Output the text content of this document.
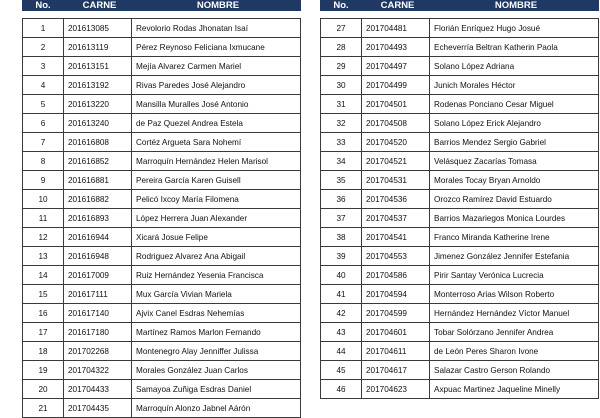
No.	CARNE	NOMBRE

1	201613085	Revolorio Rodas Jhonatan Isaí
2	201613119	Pérez Reynoso Feliciana Ixmucane
3	201613151	Mejía Alvarez Carmen Mariel
4	201613192	Rivas Paredes José Alejandro
5	201613220	Mansilla Muralles José Antonio
6	201613240	de Paz Quezel Andrea Estela
7	201616808	Cortéz Argueta Sara Nohemí
8	201616852	Marroquín Hernández Helen Marisol
9	201616881	Pereira García Karen Guisell
10	201616882	Pelicó Ixcoy María Filomena
11	201616893	López Herrera Juan Alexander
12	201616944	Xicará Josue Felipe
13	201616948	Rodriguez Alvarez Ana Abigail
14	201617009	Ruiz Hernández Yesenia Francisca
15	201617111	Mux García Vivian Mariela
16	201617140	Ajvix Canel Esdras Nehemías
17	201617180	Martínez Ramos Marlon Fernando
18	201702268	Montenegro Alay Jenniffer Julissa
19	201704322	Morales González Juan Carlos
20	201704433	Samayoa Zuñiga Esdras Daniel
21	201704435	Marroquín Alonzo Jabnel Aárón
No.	CARNE	NOMBRE

27	201704481	Florián Enríquez Hugo Josué
28	201704493	Echeverría Beltran Katherin Paola
29	201704497	Solano López Adriana
30	201704499	Junich Morales Héctor
31	201704501	Rodenas Ponciano Cesar Miguel
32	201704508	Solano López Erick Alejandro
33	201704520	Barrios Mendez Sergio Gabriel
34	201704521	Velásquez Zacarías Tomasa
35	201704531	Morales Tocay Bryan Arnoldo
36	201704536	Orozco Ramírez David Estuardo
37	201704537	Barrios Mazariegos Monica Lourdes
38	201704541	Franco Miranda Katherine Irene
39	201704553	Jimenez González Jennifer Estefania
40	201704586	Pirir Santay Verónica Lucrecia
41	201704594	Monterroso Arias Wilson Roberto
42	201704599	Hernández Hernández Víctor Manuel
43	201704601	Tobar Solórzano Jennifer Andrea
44	201704611	de León Peres Sharon Ivone
45	201704617	Salazar Castro Gerson Rolando
46	201704623	Axpuac Martinez Jaqueline Minelly
